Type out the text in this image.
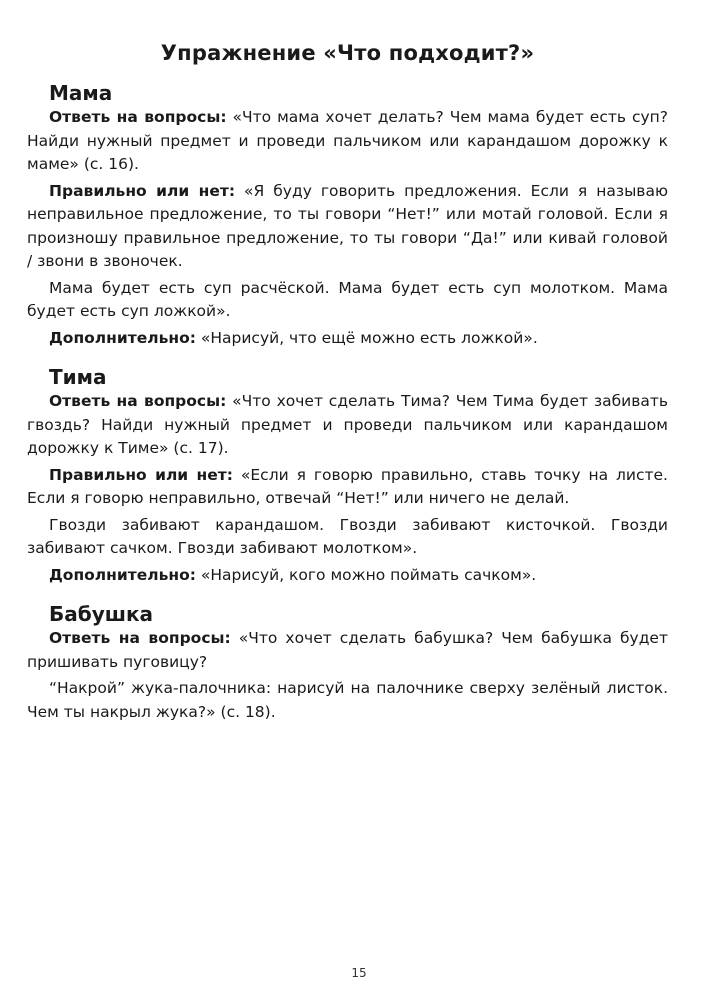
Упражнение «Что подходит?»
Мама

Ответь на вопросы: «Что мама хочет делать? Чем мама будет есть суп? Найди нужный предмет и проведи пальчиком или карандашом дорожку к маме» (с. 16).

Правильно или нет: «Я буду говорить предложения. Если я называю неправильное предложение, то ты говори “Нет!” или мотай головой. Если я произношу правильное предложение, то ты говори “Да!” или кивай головой / звони в звоночек.

Мама будет есть суп расчёской. Мама будет есть суп молотком. Мама будет есть суп ложкой».

Дополнительно: «Нарисуй, что ещё можно есть ложкой».

Тима

Ответь на вопросы: «Что хочет сделать Тима? Чем Тима будет забивать гвоздь? Найди нужный предмет и проведи пальчиком или карандашом дорожку к Тиме» (с. 17).

Правильно или нет: «Если я говорю правильно, ставь точку на листе. Если я говорю неправильно, отвечай “Нет!” или ничего не делай.

Гвозди забивают карандашом. Гвозди забивают кисточкой. Гвозди забивают сачком. Гвозди забивают молотком».

Дополнительно: «Нарисуй, кого можно поймать сачком».

Бабушка

Ответь на вопросы: «Что хочет сделать бабушка? Чем бабушка будет пришивать пуговицу?

“Накрой” жука-палочника: нарисуй на палочнике сверху зелёный листок. Чем ты накрыл жука?» (с. 18).

15
